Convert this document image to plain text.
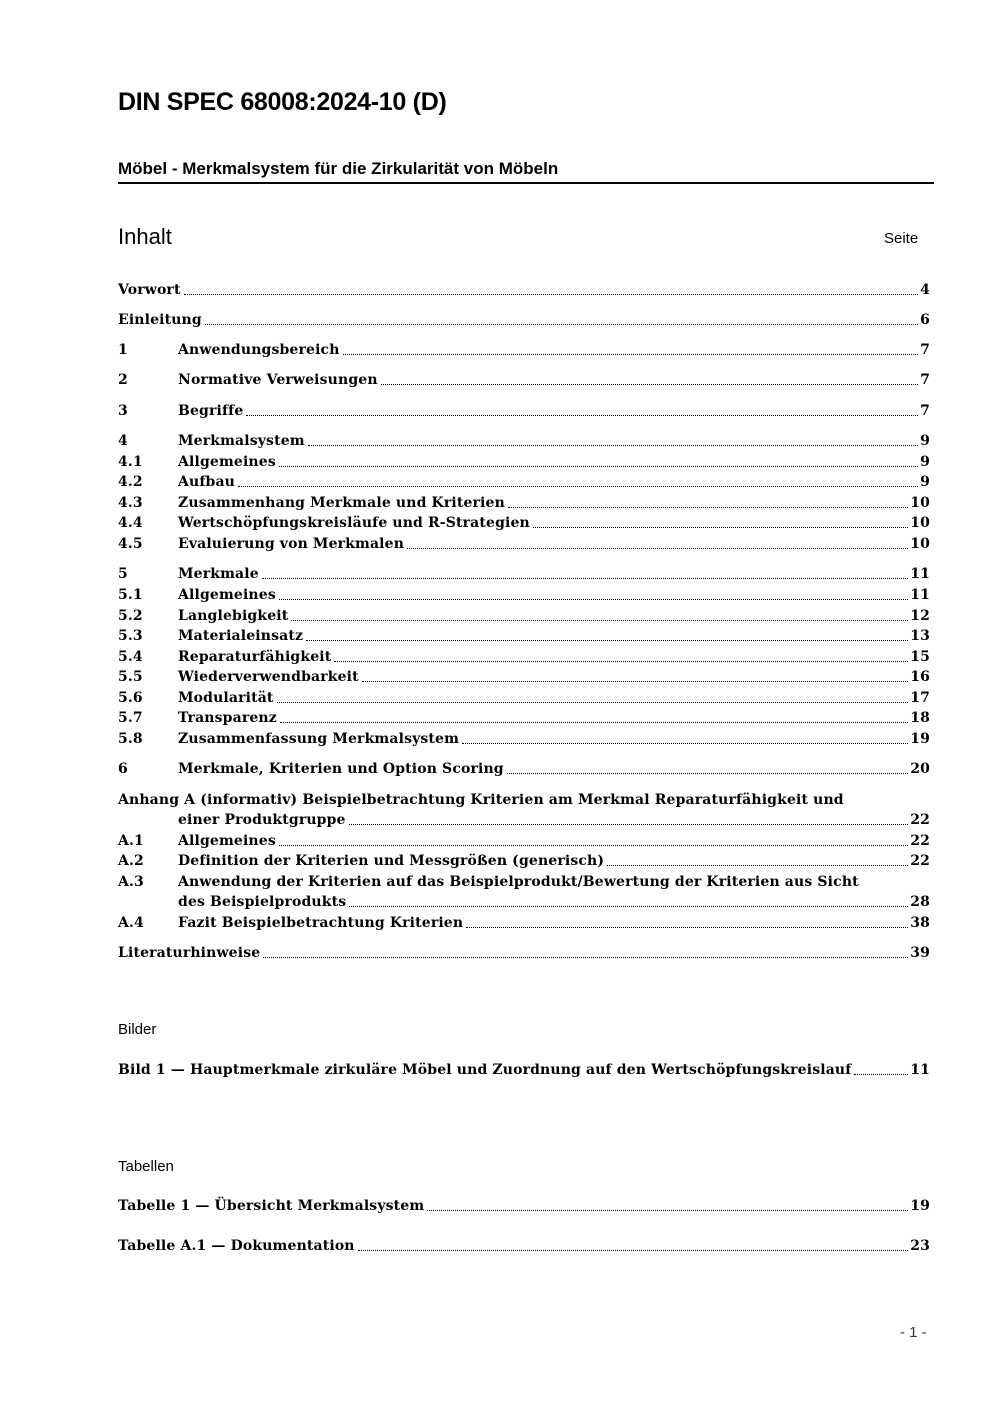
DIN SPEC 68008:2024-10 (D)
Möbel - Merkmalsystem für die Zirkularität von Möbeln
Inhalt	Seite
Vorwort	4
Einleitung	6
1	Anwendungsbereich	7
2	Normative Verweisungen	7
3	Begriffe	7
4	Merkmalsystem	9
4.1	Allgemeines	9
4.2	Aufbau	9
4.3	Zusammenhang Merkmale und Kriterien	10
4.4	Wertschöpfungskreisläufe und R-Strategien	10
4.5	Evaluierung von Merkmalen	10
5	Merkmale	11
5.1	Allgemeines	11
5.2	Langlebigkeit	12
5.3	Materialeinsatz	13
5.4	Reparaturfähigkeit	15
5.5	Wiederverwendbarkeit	16
5.6	Modularität	17
5.7	Transparenz	18
5.8	Zusammenfassung Merkmalsystem	19
6	Merkmale, Kriterien und Option Scoring	20
Anhang A (informativ) Beispielbetrachtung Kriterien am Merkmal Reparaturfähigkeit und
einer Produktgruppe	22
A.1	Allgemeines	22
A.2	Definition der Kriterien und Messgrößen (generisch)	22
A.3	Anwendung der Kriterien auf das Beispielprodukt/Bewertung der Kriterien aus Sicht
des Beispielprodukts	28
A.4	Fazit Beispielbetrachtung Kriterien	38
Literaturhinweise	39
Bilder
Bild 1 — Hauptmerkmale zirkuläre Möbel und Zuordnung auf den Wertschöpfungskreislauf	11
Tabellen
Tabelle 1 — Übersicht Merkmalsystem	19
Tabelle A.1 — Dokumentation	23
- 1 -
